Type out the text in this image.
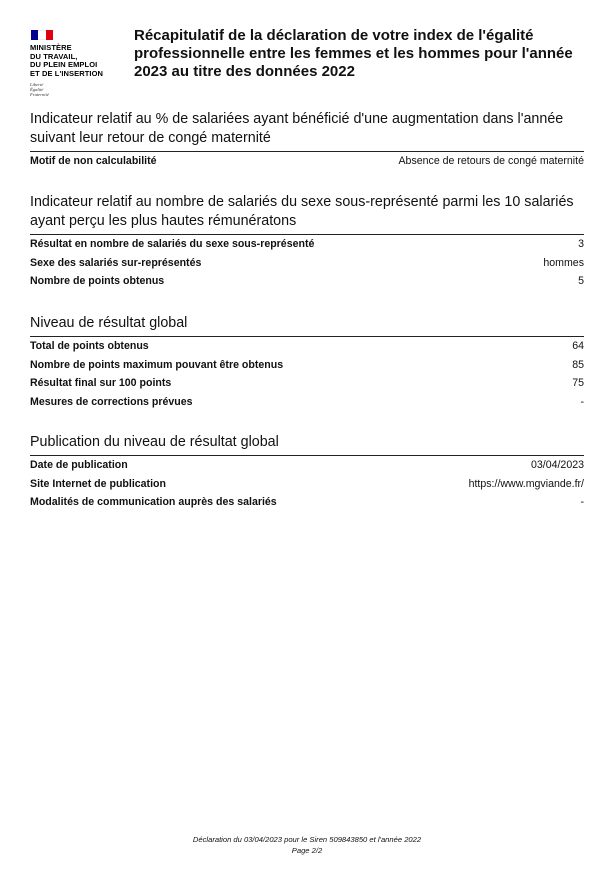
MINISTÈRE
DU TRAVAIL,
DU PLEIN EMPLOI
ET DE L'INSERTION
Liberté
Égalité
Fraternité
Récapitulatif de la déclaration de votre index de l'égalité professionnelle entre les femmes et les hommes pour l'année 2023 au titre des données 2022
Indicateur relatif au % de salariées ayant bénéficié d'une augmentation dans l'année suivant leur retour de congé maternité
Motif de non calculabilité	Absence de retours de congé maternité
Indicateur relatif au nombre de salariés du sexe sous-représenté parmi les 10 salariés ayant perçu les plus hautes rémunératons
Résultat en nombre de salariés du sexe sous-représenté	3
Sexe des salariés sur-représentés	hommes
Nombre de points obtenus	5
Niveau de résultat global
Total de points obtenus	64
Nombre de points maximum pouvant être obtenus	85
Résultat final sur 100 points	75
Mesures de corrections prévues	-
Publication du niveau de résultat global
Date de publication	03/04/2023
Site Internet de publication	https://www.mgviande.fr/
Modalités de communication auprès des salariés	-
Déclaration du 03/04/2023 pour le Siren 509843850 et l'année 2022
Page 2/2
